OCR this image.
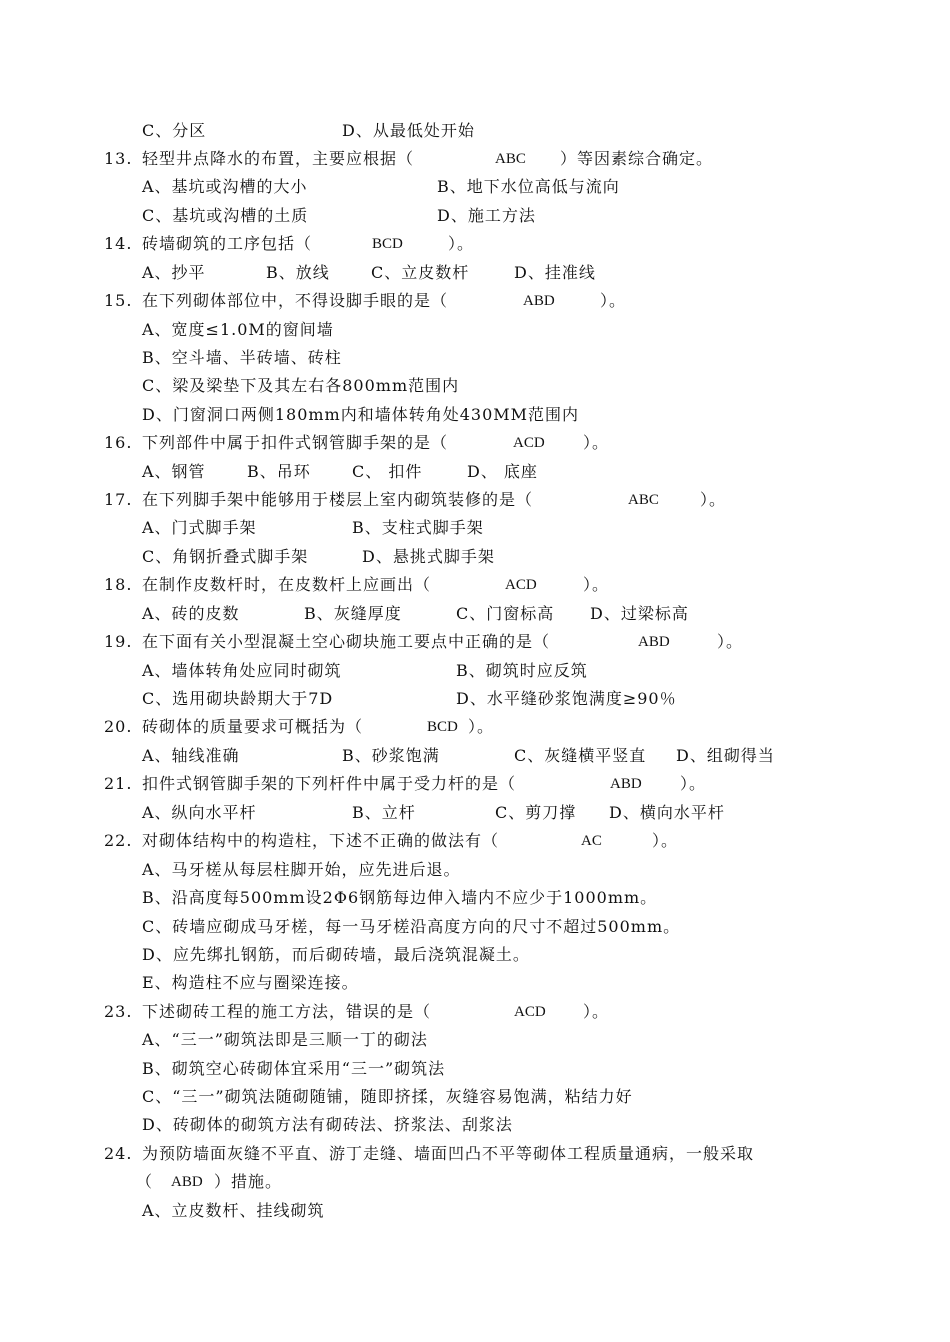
C、分区	D、从最低处开始
13. 轻型井点降水的布置，主要应根据（	ABC ）等因素综合确定。
A、基坑或沟槽的大小	B、地下水位高低与流向
C、基坑或沟槽的土质	D、施工方法
14. 砖墙砌筑的工序包括（	BCD	）。
A、抄平	B、放线	C、立皮数杆	D、挂准线
15. 在下列砌体部位中，不得设脚手眼的是（	ABD	）。
A、宽度≤1.0M的窗间墙
B、空斗墙、半砖墙、砖柱
C、梁及梁垫下及其左右各800mm范围内
D、门窗洞口两侧180mm内和墙体转角处430MM范围内
16. 下列部件中属于扣件式钢管脚手架的是（	ACD ）。
A、钢管	B、吊环	C、 扣件	D、 底座
17. 在下列脚手架中能够用于楼层上室内砌筑装修的是（	ABC	）。
A、门式脚手架	B、支柱式脚手架
C、角钢折叠式脚手架	D、悬挑式脚手架
18. 在制作皮数杆时，在皮数杆上应画出（	ACD	）。
A、砖的皮数	B、灰缝厚度	C、门窗标高 D、过梁标高
19. 在下面有关小型混凝土空心砌块施工要点中正确的是（	ABD	）。
A、墙体转角处应同时砌筑	B、砌筑时应反筑
C、选用砌块龄期大于7D	D、水平缝砂浆饱满度≥90％
20. 砖砌体的质量要求可概括为（	BCD ）。
A、轴线准确	B、砂浆饱满	C、灰缝横平竖直 D、组砌得当
21. 扣件式钢管脚手架的下列杆件中属于受力杆的是（	ABD ）。
A、纵向水平杆	B、立杆	C、剪刀撑 D、横向水平杆
22. 对砌体结构中的构造柱，下述不正确的做法有（	AC	）。
A、马牙槎从每层柱脚开始，应先进后退。
B、沿高度每500mm设2Φ6钢筋每边伸入墙内不应少于1000mm。
C、砖墙应砌成马牙槎，每一马牙槎沿高度方向的尺寸不超过500mm。
D、应先绑扎钢筋，而后砌砖墙，最后浇筑混凝土。
E、构造柱不应与圈梁连接。
23. 下述砌砖工程的施工方法，错误的是（	ACD ）。
A、“三一”砌筑法即是三顺一丁的砌法
B、砌筑空心砖砌体宜采用“三一”砌筑法
C、“三一”砌筑法随砌随铺，随即挤揉，灰缝容易饱满，粘结力好
D、砖砌体的砌筑方法有砌砖法、挤浆法、刮浆法
24. 为预防墙面灰缝不平直、游丁走缝、墙面凹凸不平等砌体工程质量通病，一般采取
（ ABD ）措施。
A、立皮数杆、挂线砌筑
